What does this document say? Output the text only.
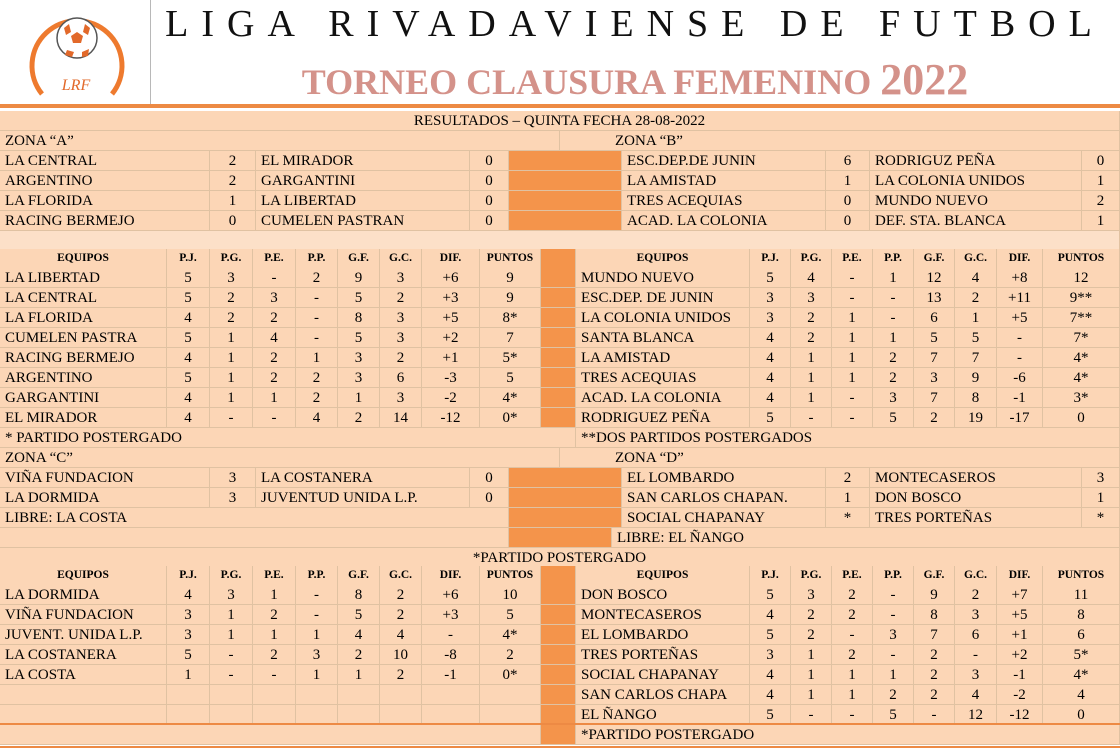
LRF
LIGA RIVADAVIENSE DE FUTBOL
TORNEO CLAUSURA FEMENINO 2022
RESULTADOS – QUINTA FECHA 28-08-2022
ZONA “A”	ZONA “B”
LA CENTRAL	2	EL MIRADOR	0	ESC.DEP.DE JUNIN	6	RODRIGUZ PEÑA	0
ARGENTINO	2	GARGANTINI	0	LA AMISTAD	1	LA COLONIA UNIDOS	1
LA FLORIDA	1	LA LIBERTAD	0	TRES ACEQUIAS	0	MUNDO NUEVO	2
RACING BERMEJO	0	CUMELEN PASTRAN	0	ACAD. LA COLONIA	0	DEF. STA. BLANCA	1
EQUIPOS	P.J.	P.G.	P.E.	P.P.	G.F.	G.C.	DIF.	PUNTOS	EQUIPOS	P.J.	P.G.	P.E.	P.P.	G.F.	G.C.	DIF.	PUNTOS
LA LIBERTAD	5	3	-	2	9	3	+6	9	MUNDO NUEVO	5	4	-	1	12	4	+8	12
LA CENTRAL	5	2	3	-	5	2	+3	9	ESC.DEP. DE JUNIN	3	3	-	-	13	2	+11	9**
LA FLORIDA	4	2	2	-	8	3	+5	8*	LA COLONIA UNIDOS	3	2	1	-	6	1	+5	7**
CUMELEN PASTRA	5	1	4	-	5	3	+2	7	SANTA BLANCA	4	2	1	1	5	5	-	7*
RACING BERMEJO	4	1	2	1	3	2	+1	5*	LA AMISTAD	4	1	1	2	7	7	-	4*
ARGENTINO	5	1	2	2	3	6	-3	5	TRES ACEQUIAS	4	1	1	2	3	9	-6	4*
GARGANTINI	4	1	1	2	1	3	-2	4*	ACAD. LA COLONIA	4	1	-	3	7	8	-1	3*
EL MIRADOR	4	-	-	4	2	14	-12	0*	RODRIGUEZ PEÑA	5	-	-	5	2	19	-17	0
* PARTIDO POSTERGADO	**DOS PARTIDOS POSTERGADOS
ZONA “C”	ZONA “D”
VIÑA FUNDACION	3	LA COSTANERA	0	EL LOMBARDO	2	MONTECASEROS	3
LA DORMIDA	3	JUVENTUD UNIDA L.P.	0	SAN CARLOS CHAPAN.	1	DON BOSCO	1
LIBRE: LA COSTA	SOCIAL CHAPANAY	*	TRES PORTEÑAS	*
LIBRE: EL ÑANGO
*PARTIDO POSTERGADO
EQUIPOS	P.J.	P.G.	P.E.	P.P.	G.F.	G.C.	DIF.	PUNTOS	EQUIPOS	P.J.	P.G.	P.E.	P.P.	G.F.	G.C.	DIF.	PUNTOS
LA DORMIDA	4	3	1	-	8	2	+6	10	DON BOSCO	5	3	2	-	9	2	+7	11
VIÑA FUNDACION	3	1	2	-	5	2	+3	5	MONTECASEROS	4	2	2	-	8	3	+5	8
JUVENT. UNIDA L.P.	3	1	1	1	4	4	-	4*	EL LOMBARDO	5	2	-	3	7	6	+1	6
LA COSTANERA	5	-	2	3	2	10	-8	2	TRES PORTEÑAS	3	1	2	-	2	-	+2	5*
LA COSTA	1	-	-	1	1	2	-1	0*	SOCIAL CHAPANAY	4	1	1	1	2	3	-1	4*
SAN CARLOS CHAPA	4	1	1	2	2	4	-2	4
EL ÑANGO	5	-	-	5	-	12	-12	0
*PARTIDO POSTERGADO
